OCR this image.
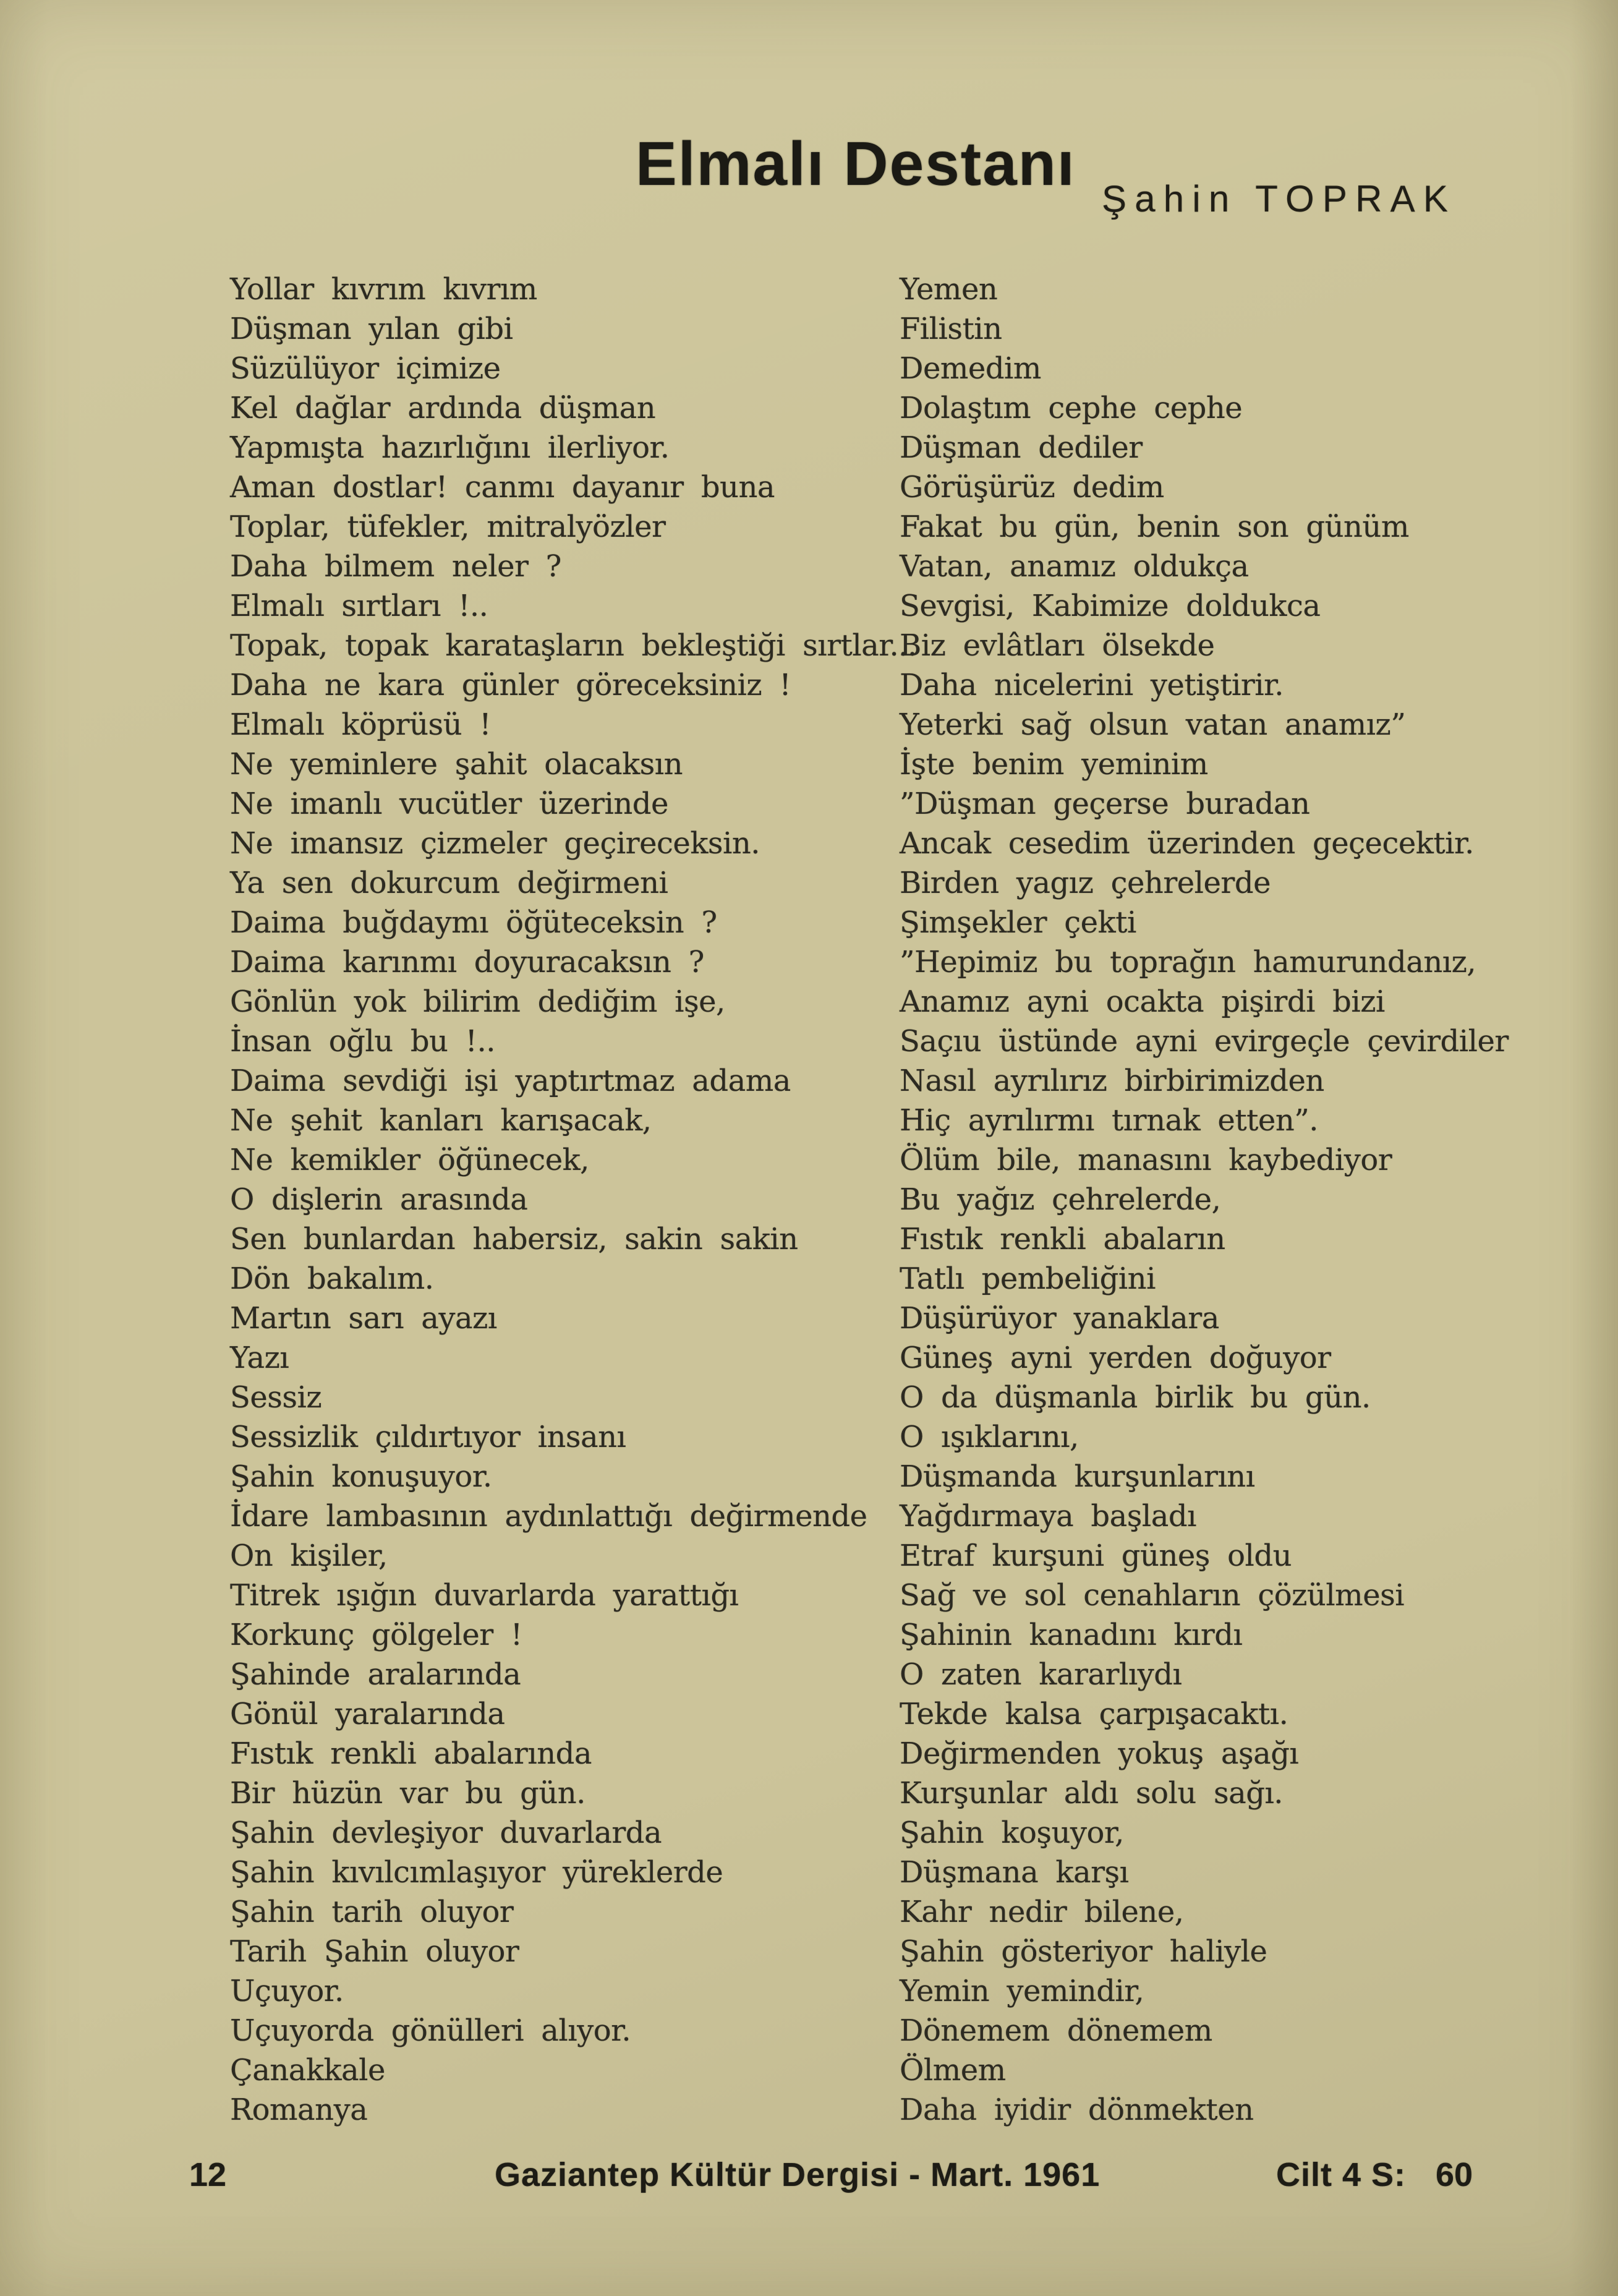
Elmalı Destanı
Şahin TOPRAK
Yollar kıvrım kıvrım
Düşman yılan gibi
Süzülüyor içimize
Kel dağlar ardında düşman
Yapmışta hazırlığını ilerliyor.
Aman dostlar! canmı dayanır buna
Toplar, tüfekler, mitralyözler
Daha bilmem neler ?
Elmalı sırtları !..
Topak, topak karataşların bekleştiği sırtlar...
Daha ne kara günler göreceksiniz !
Elmalı köprüsü !
Ne yeminlere şahit olacaksın
Ne imanlı vucütler üzerinde
Ne imansız çizmeler geçireceksin.
Ya sen dokurcum değirmeni
Daima buğdaymı öğüteceksin ?
Daima karınmı doyuracaksın ?
Gönlün yok bilirim dediğim işe,
İnsan oğlu bu !..
Daima sevdiği işi yaptırtmaz adama
Ne şehit kanları karışacak,
Ne kemikler öğünecek,
O dişlerin arasında
Sen bunlardan habersiz, sakin sakin
Dön bakalım.
Martın sarı ayazı
Yazı
Sessiz
Sessizlik çıldırtıyor insanı
Şahin konuşuyor.
İdare lambasının aydınlattığı değirmende
On kişiler,
Titrek ışığın duvarlarda yarattığı
Korkunç gölgeler !
Şahinde aralarında
Gönül yaralarında
Fıstık renkli abalarında
Bir hüzün var bu gün.
Şahin devleşiyor duvarlarda
Şahin kıvılcımlaşıyor yüreklerde
Şahin tarih oluyor
Tarih Şahin oluyor
Uçuyor.
Uçuyorda gönülleri alıyor.
Çanakkale
Romanya
Yemen
Filistin
Demedim
Dolaştım cephe cephe
Düşman dediler
Görüşürüz dedim
Fakat bu gün, benin son günüm
Vatan, anamız oldukça
Sevgisi, Kabimize doldukca
Biz evlâtları ölsekde
Daha nicelerini yetiştirir.
Yeterki sağ olsun vatan anamız”
İşte benim yeminim
”Düşman geçerse buradan
Ancak cesedim üzerinden geçecektir.
Birden yagız çehrelerde
Şimşekler çekti
”Hepimiz bu toprağın hamurundanız,
Anamız ayni ocakta pişirdi bizi
Saçıu üstünde ayni evirgeçle çevirdiler
Nasıl ayrılırız birbirimizden
Hiç ayrılırmı tırnak etten”.
Ölüm bile, manasını kaybediyor
Bu yağız çehrelerde,
Fıstık renkli abaların
Tatlı pembeliğini
Düşürüyor yanaklara
Güneş ayni yerden doğuyor
O da düşmanla birlik bu gün.
O ışıklarını,
Düşmanda kurşunlarını
Yağdırmaya başladı
Etraf kurşuni güneş oldu
Sağ ve sol cenahların çözülmesi
Şahinin kanadını kırdı
O zaten kararlıydı
Tekde kalsa çarpışacaktı.
Değirmenden yokuş aşağı
Kurşunlar aldı solu sağı.
Şahin koşuyor,
Düşmana karşı
Kahr nedir bilene,
Şahin gösteriyor haliyle
Yemin yemindir,
Dönemem dönemem
Ölmem
Daha iyidir dönmekten
12	Gaziantep Kültür Dergisi - Mart. 1961	Cilt 4 S: 60
